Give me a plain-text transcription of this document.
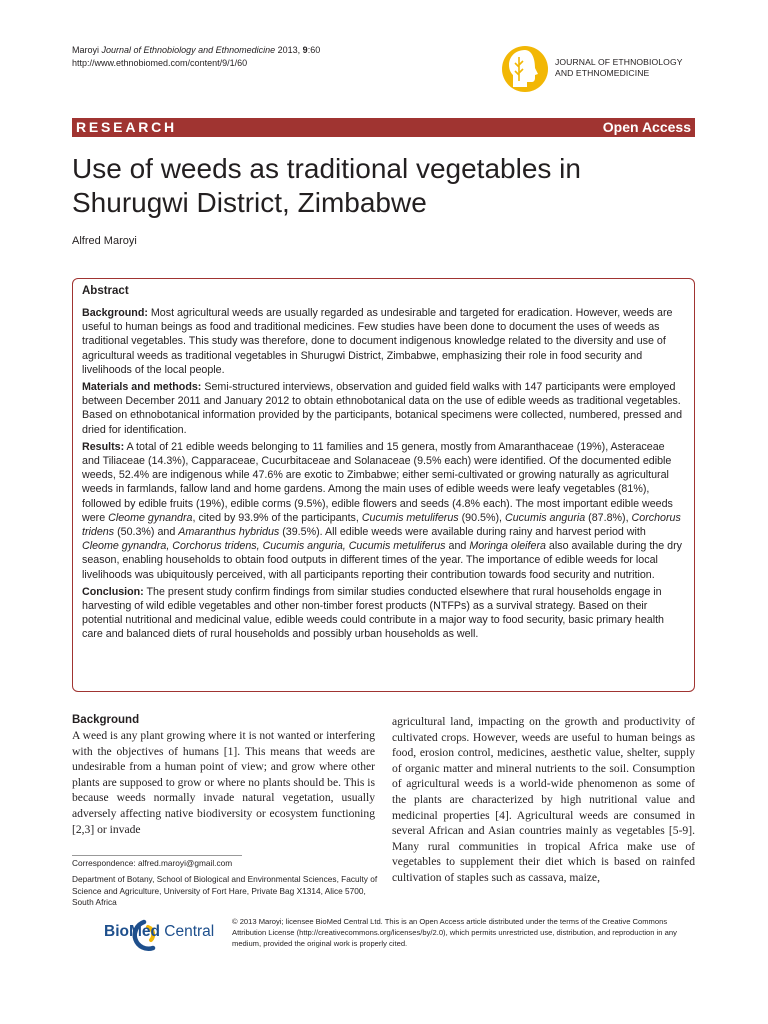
Maroyi Journal of Ethnobiology and Ethnomedicine 2013, 9:60
http://www.ethnobiomed.com/content/9/1/60	JOURNAL OF ETHNOBIOLOGY
AND ETHNOMEDICINE
RESEARCH	Open Access
Use of weeds as traditional vegetables in Shurugwi District, Zimbabwe
Alfred Maroyi
Abstract

Background: Most agricultural weeds are usually regarded as undesirable and targeted for eradication. However, weeds are useful to human beings as food and traditional medicines. Few studies have been done to document the uses of weeds as traditional vegetables. This study was therefore, done to document indigenous knowledge related to the diversity and use of agricultural weeds as traditional vegetables in Shurugwi District, Zimbabwe, emphasizing their role in food security and livelihoods of the local people.

Materials and methods: Semi-structured interviews, observation and guided field walks with 147 participants were employed between December 2011 and January 2012 to obtain ethnobotanical data on the use of edible weeds as traditional vegetables. Based on ethnobotanical information provided by the participants, botanical specimens were collected, numbered, pressed and dried for identification.

Results: A total of 21 edible weeds belonging to 11 families and 15 genera, mostly from Amaranthaceae (19%), Asteraceae and Tiliaceae (14.3%), Capparaceae, Cucurbitaceae and Solanaceae (9.5% each) were identified. Of the documented edible weeds, 52.4% are indigenous while 47.6% are exotic to Zimbabwe; either semi-cultivated or growing naturally as agricultural weeds in farmlands, fallow land and home gardens. Among the main uses of edible weeds were leafy vegetables (81%), followed by edible fruits (19%), edible corms (9.5%), edible flowers and seeds (4.8% each). The most important edible weeds were Cleome gynandra, cited by 93.9% of the participants, Cucumis metuliferus (90.5%), Cucumis anguria (87.8%), Corchorus tridens (50.3%) and Amaranthus hybridus (39.5%). All edible weeds were available during rainy and harvest period with Cleome gynandra, Corchorus tridens, Cucumis anguria, Cucumis metuliferus and Moringa oleifera also available during the dry season, enabling households to obtain food outputs in different times of the year. The importance of edible weeds for local livelihoods was ubiquitously perceived, with all participants reporting their contribution towards food security and nutrition.

Conclusion: The present study confirm findings from similar studies conducted elsewhere that rural households engage in harvesting of wild edible vegetables and other non-timber forest products (NTFPs) as a survival strategy. Based on their potential nutritional and medicinal value, edible weeds could contribute in a major way to food security, basic primary health care and balanced diets of rural households and possibly urban households as well.

Background

A weed is any plant growing where it is not wanted or interfering with the objectives of humans [1]. This means that weeds are undesirable from a human point of view; and grow where other plants are supposed to grow or where no plants should be. This is because weeds normally invade natural vegetation, usually adversely affecting native biodiversity or ecosystem functioning [2,3] or invade

agricultural land, impacting on the growth and productivity of cultivated crops. However, weeds are useful to human beings as food, erosion control, medicines, aesthetic value, shelter, supply of organic matter and mineral nutrients to the soil. Consumption of agricultural weeds is a world-wide phenomenon as some of the plants are characterized by high nutritional value and medicinal properties [4]. Agricultural weeds are consumed in several African and Asian countries mainly as vegetables [5-9]. Many rural communities in tropical Africa make use of vegetables to supplement their diet which is based on rainfed cultivation of staples such as cassava, maize,

Correspondence: alfred.maroyi@gmail.com

Department of Botany, School of Biological and Environmental Sciences, Faculty of Science and Agriculture, University of Fort Hare, Private Bag X1314, Alice 5700, South Africa

BioMed Central
© 2013 Maroyi; licensee BioMed Central Ltd. This is an Open Access article distributed under the terms of the Creative Commons Attribution License (http://creativecommons.org/licenses/by/2.0), which permits unrestricted use, distribution, and reproduction in any medium, provided the original work is properly cited.
